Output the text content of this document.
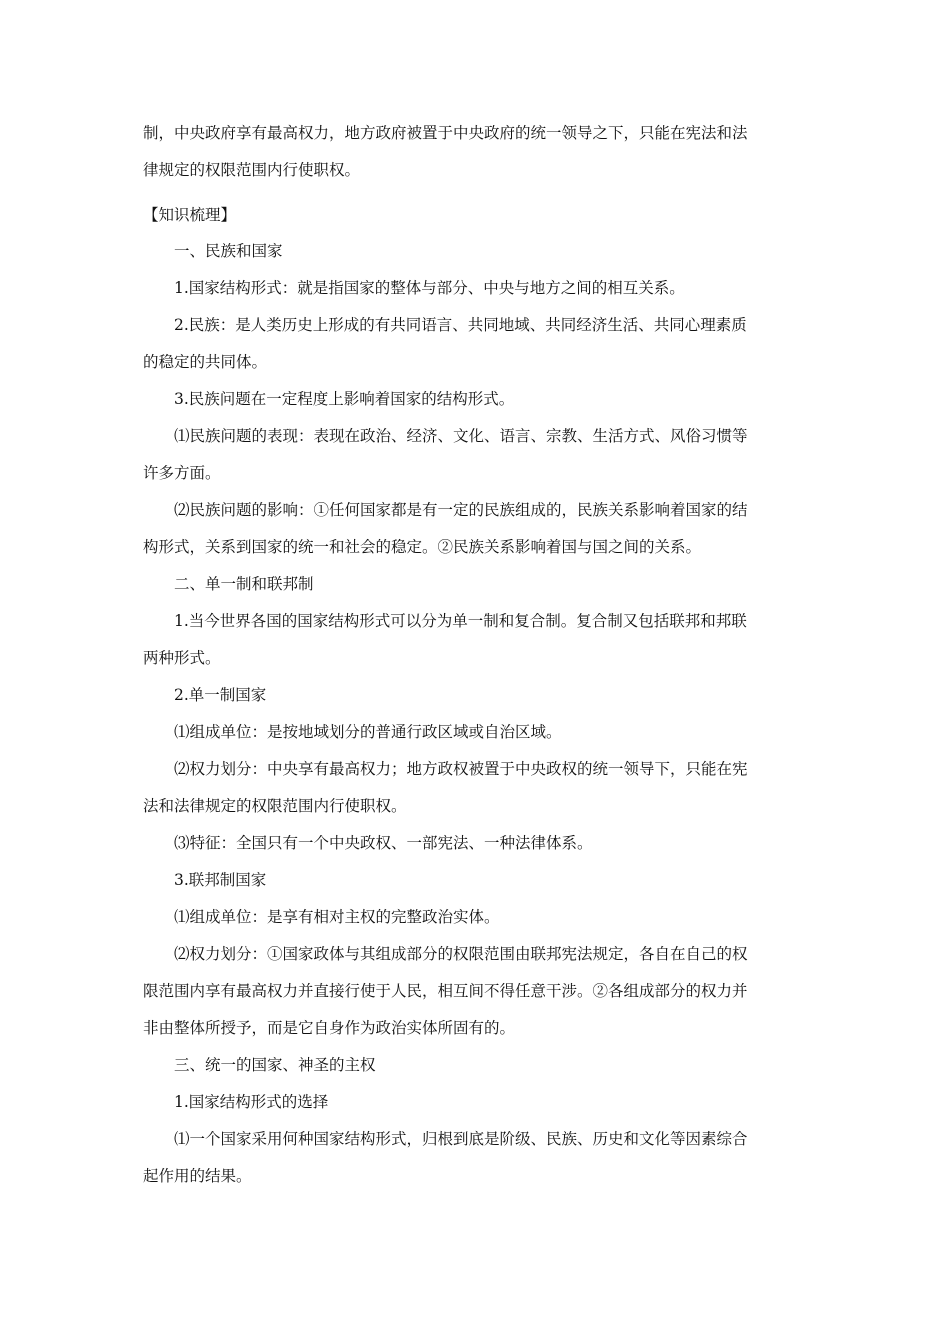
制，中央政府享有最高权力，地方政府被置于中央政府的统一领导之下，只能在宪法和法
律规定的权限范围内行使职权。
【知识梳理】
一、民族和国家
1.国家结构形式：就是指国家的整体与部分、中央与地方之间的相互关系。
2.民族：是人类历史上形成的有共同语言、共同地域、共同经济生活、共同心理素质
的稳定的共同体。
3.民族问题在一定程度上影响着国家的结构形式。
⑴民族问题的表现：表现在政治、经济、文化、语言、宗教、生活方式、风俗习惯等
许多方面。
⑵民族问题的影响：①任何国家都是有一定的民族组成的，民族关系影响着国家的结
构形式，关系到国家的统一和社会的稳定。②民族关系影响着国与国之间的关系。
二、单一制和联邦制
1.当今世界各国的国家结构形式可以分为单一制和复合制。复合制又包括联邦和邦联
两种形式。
2.单一制国家
⑴组成单位：是按地域划分的普通行政区域或自治区域。
⑵权力划分：中央享有最高权力；地方政权被置于中央政权的统一领导下，只能在宪
法和法律规定的权限范围内行使职权。
⑶特征：全国只有一个中央政权、一部宪法、一种法律体系。
3.联邦制国家
⑴组成单位：是享有相对主权的完整政治实体。
⑵权力划分：①国家政体与其组成部分的权限范围由联邦宪法规定，各自在自己的权
限范围内享有最高权力并直接行使于人民，相互间不得任意干涉。②各组成部分的权力并
非由整体所授予，而是它自身作为政治实体所固有的。
三、统一的国家、神圣的主权
1.国家结构形式的选择
⑴一个国家采用何种国家结构形式，归根到底是阶级、民族、历史和文化等因素综合
起作用的结果。
